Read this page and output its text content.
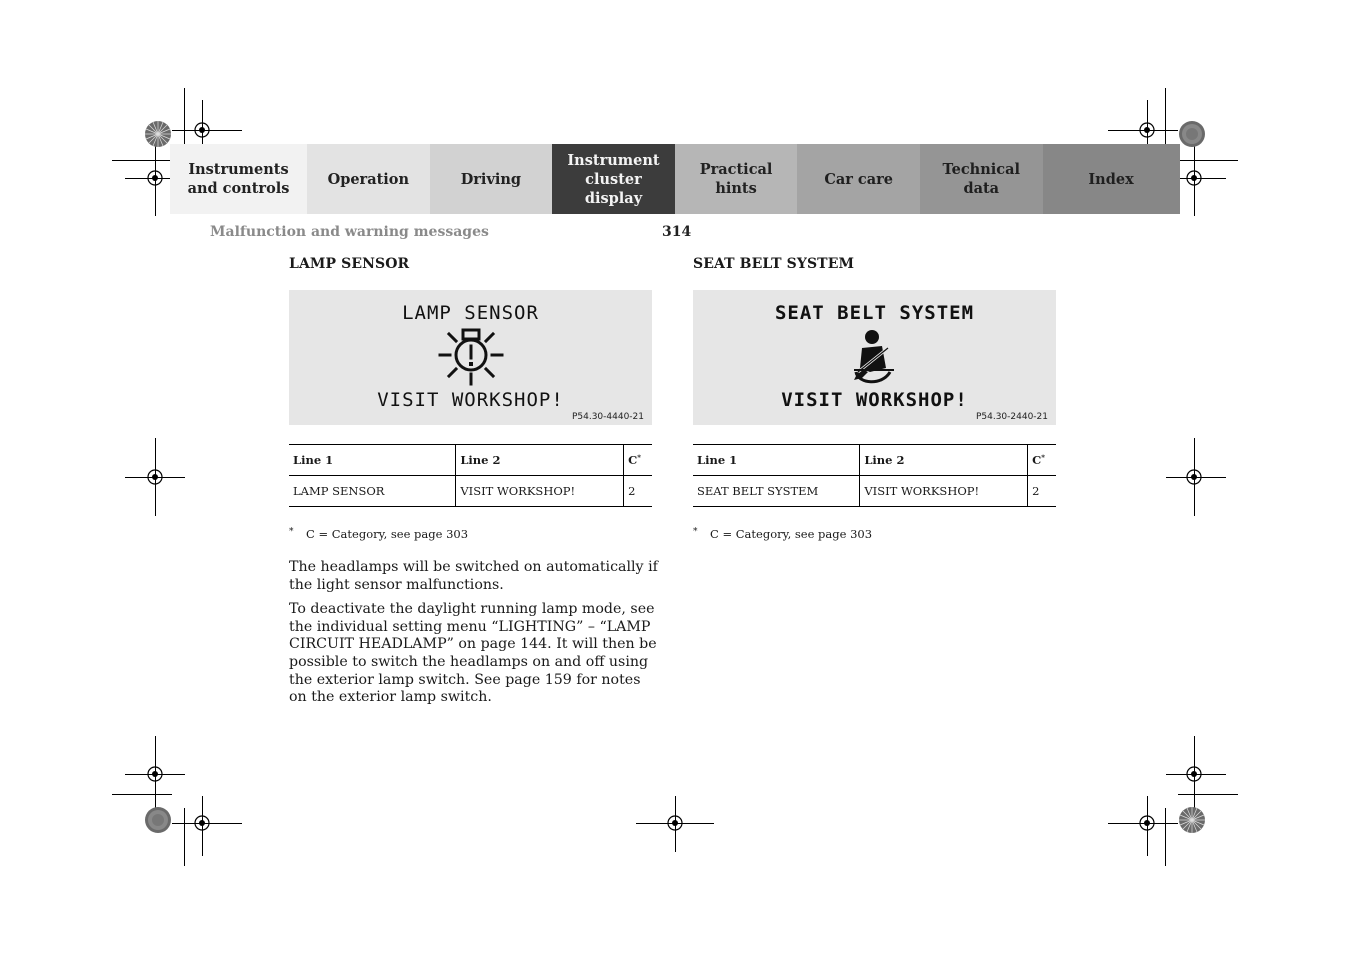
Instruments
and controls
Operation	Driving
Instrument
cluster display
Practical hints
Car care
Technical
data
Index
Malfunction and warning messages	314
LAMP SENSOR
LAMP SENSOR
VISIT WORKSHOP!
P54.30-4440-21
Line 1	Line 2	C*
LAMP SENSOR	VISIT WORKSHOP!	2
*	C = Category, see page 303

The headlamps will be switched on automatically if the light sensor malfunctions.

To deactivate the daylight running lamp mode, see the individual setting menu “LIGHTING” – “LAMP CIRCUIT HEADLAMP” on page 144. It will then be possible to switch the headlamps on and off using the exterior lamp switch. See page 159 for notes on the exterior lamp switch.

SEAT BELT SYSTEM
SEAT BELT SYSTEM
VISIT WORKSHOP!
P54.30-2440-21
Line 1	Line 2	C*
SEAT BELT SYSTEM	VISIT WORKSHOP!	2
*	C = Category, see page 303
